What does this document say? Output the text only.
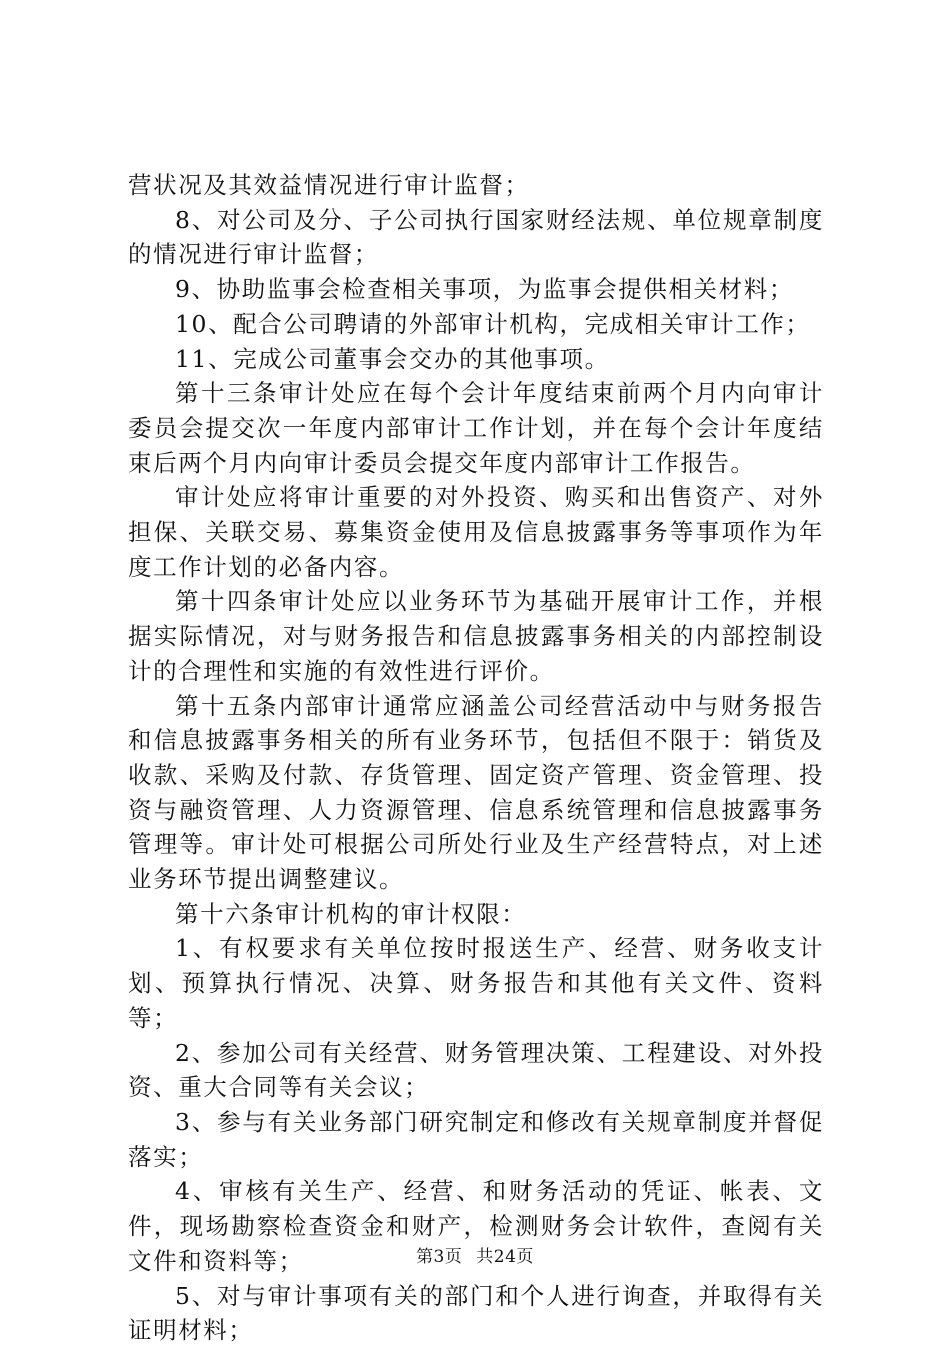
营状况及其效益情况进行审计监督；

8、对公司及分、子公司执行国家财经法规、单位规章制度的情况进行审计监督；

9、协助监事会检查相关事项，为监事会提供相关材料；

10、配合公司聘请的外部审计机构，完成相关审计工作；

11、完成公司董事会交办的其他事项。

第十三条审计处应在每个会计年度结束前两个月内向审计委员会提交次一年度内部审计工作计划，并在每个会计年度结束后两个月内向审计委员会提交年度内部审计工作报告。

审计处应将审计重要的对外投资、购买和出售资产、对外担保、关联交易、募集资金使用及信息披露事务等事项作为年度工作计划的必备内容。

第十四条审计处应以业务环节为基础开展审计工作，并根据实际情况，对与财务报告和信息披露事务相关的内部控制设计的合理性和实施的有效性进行评价。

第十五条内部审计通常应涵盖公司经营活动中与财务报告和信息披露事务相关的所有业务环节，包括但不限于：销货及收款、采购及付款、存货管理、固定资产管理、资金管理、投资与融资管理、人力资源管理、信息系统管理和信息披露事务管理等。审计处可根据公司所处行业及生产经营特点，对上述业务环节提出调整建议。

第十六条审计机构的审计权限：

1、有权要求有关单位按时报送生产、经营、财务收支计划、预算执行情况、决算、财务报告和其他有关文件、资料等；

2、参加公司有关经营、财务管理决策、工程建设、对外投资、重大合同等有关会议；

3、参与有关业务部门研究制定和修改有关规章制度并督促落实；

4、审核有关生产、经营、和财务活动的凭证、帐表、文件，现场勘察检查资金和财产，检测财务会计软件，查阅有关文件和资料等；

5、对与审计事项有关的部门和个人进行询查，并取得有关证明材料；

第3页 共24页
